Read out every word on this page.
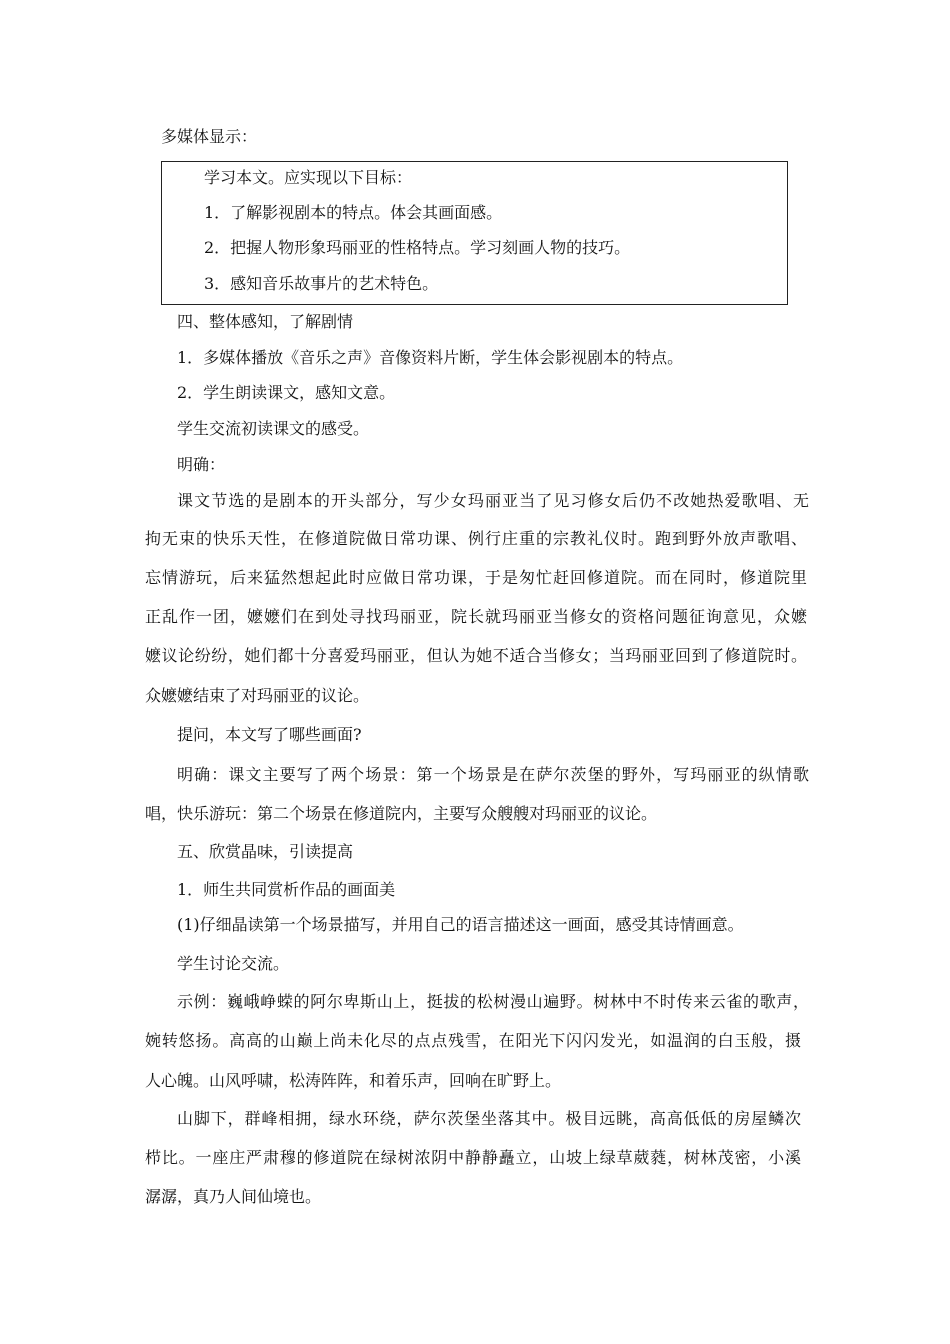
多媒体显示：
学习本文。应实现以下目标：
1．了解影视剧本的特点。体会其画面感。
2．把握人物形象玛丽亚的性格特点。学习刻画人物的技巧。
3．感知音乐故事片的艺术特色。
四、整体感知，了解剧情
1．多媒体播放《音乐之声》音像资料片断，学生体会影视剧本的特点。
2．学生朗读课文，感知文意。
学生交流初读课文的感受。
明确：
课文节选的是剧本的开头部分，写少女玛丽亚当了见习修女后仍不改她热爱歌唱、无
拘无束的快乐天性，在修道院做日常功课、例行庄重的宗教礼仪时。跑到野外放声歌唱、
忘情游玩，后来猛然想起此时应做日常功课，于是匆忙赶回修道院。而在同时，修道院里
正乱作一团，嬷嬷们在到处寻找玛丽亚，院长就玛丽亚当修女的资格问题征询意见，众嬷
嬷议论纷纷，她们都十分喜爱玛丽亚，但认为她不适合当修女；当玛丽亚回到了修道院时。
众嬷嬷结束了对玛丽亚的议论。
提问，本文写了哪些画面?
明确：课文主要写了两个场景：第一个场景是在萨尔茨堡的野外，写玛丽亚的纵情歌
唱，快乐游玩：第二个场景在修道院内，主要写众艘艘对玛丽亚的议论。
五、欣赏晶味，引读提高
1．师生共同赏析作品的画面美
(1)仔细晶读第一个场景描写，并用自己的语言描述这一画面，感受其诗情画意。
学生讨论交流。
示例：巍峨峥蝾的阿尔卑斯山上，挺拔的松树漫山遍野。树林中不时传来云雀的歌声，
婉转悠扬。高高的山巅上尚未化尽的点点残雪，在阳光下闪闪发光，如温润的白玉般，摄
人心魄。山风呼啸，松涛阵阵，和着乐声，回响在旷野上。
山脚下，群峰相拥，绿水环绕，萨尔茨堡坐落其中。极目远眺，高高低低的房屋鳞次
栉比。一座庄严肃穆的修道院在绿树浓阴中静静矗立，山坡上绿草葳蕤，树林茂密，小溪
潺潺，真乃人间仙境也。
